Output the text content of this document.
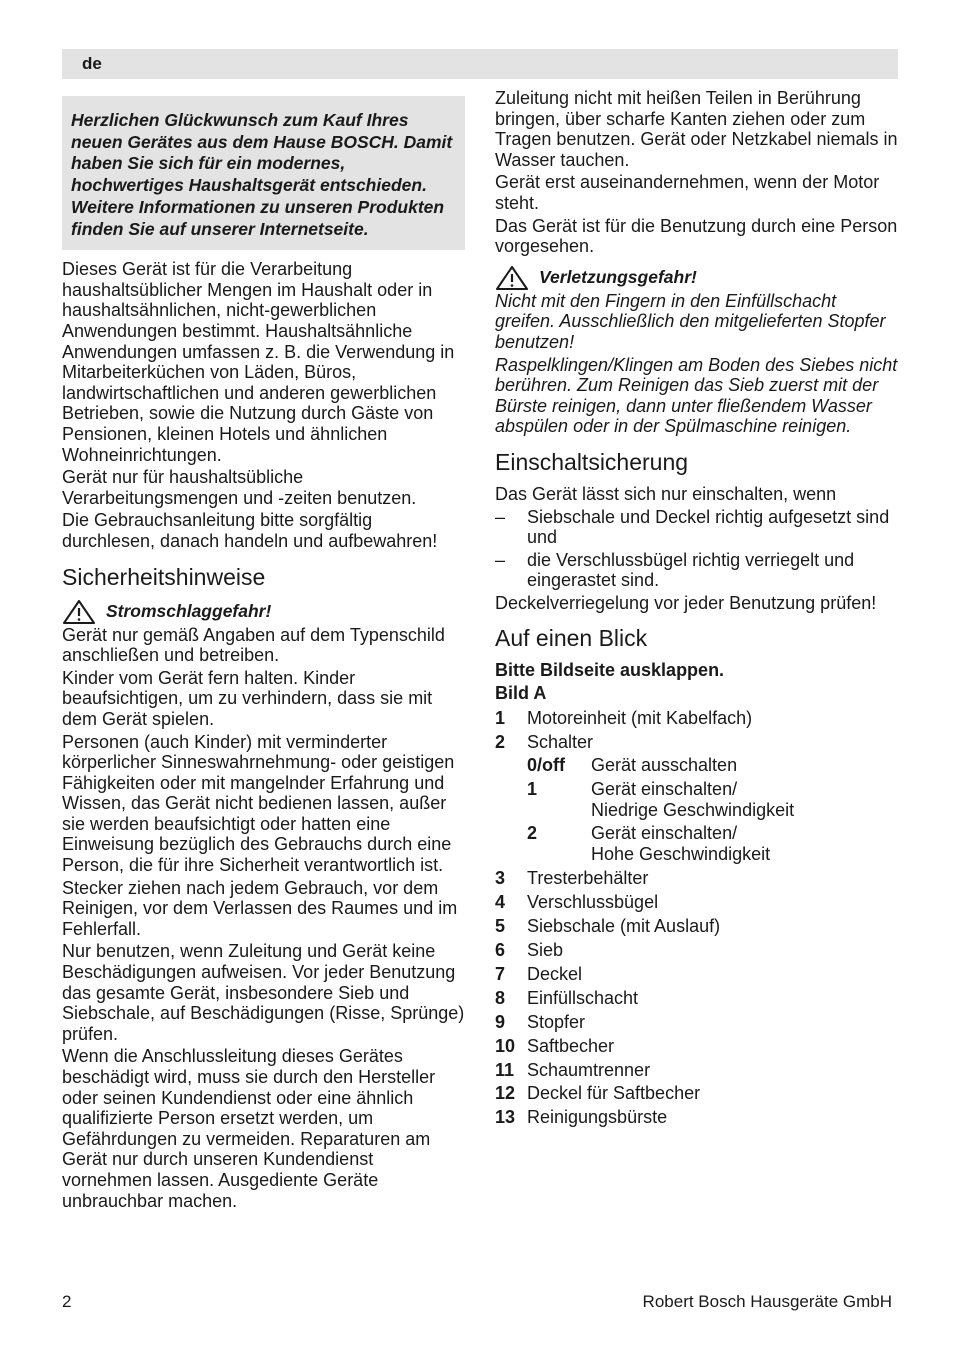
de
Herzlichen Glückwunsch zum Kauf Ihres neuen Gerätes aus dem Hause BOSCH. Damit haben Sie sich für ein modernes, hochwertiges Haushaltsgerät entschieden. Weitere Informationen zu unseren Produkten finden Sie auf unserer Internetseite.

Dieses Gerät ist für die Verarbeitung haushaltsüblicher Mengen im Haushalt oder in haushaltsähnlichen, nicht-gewerblichen Anwendungen bestimmt. Haushaltsähnliche Anwendungen umfassen z. B. die Verwendung in Mitarbeiterküchen von Läden, Büros, landwirtschaftlichen und anderen gewerblichen Betrieben, sowie die Nutzung durch Gäste von Pensionen, kleinen Hotels und ähnlichen Wohneinrichtungen.

Gerät nur für haushaltsübliche Verarbeitungsmengen und -zeiten benutzen.

Die Gebrauchsanleitung bitte sorgfältig durchlesen, danach handeln und aufbewahren!

Sicherheitshinweise
Stromschlaggefahr!

Gerät nur gemäß Angaben auf dem Typenschild anschließen und betreiben.

Kinder vom Gerät fern halten. Kinder beaufsichtigen, um zu verhindern, dass sie mit dem Gerät spielen.

Personen (auch Kinder) mit verminderter körperlicher Sinneswahrnehmung- oder geistigen Fähigkeiten oder mit mangelnder Erfahrung und Wissen, das Gerät nicht bedienen lassen, außer sie werden beaufsichtigt oder hatten eine Einweisung bezüglich des Gebrauchs durch eine Person, die für ihre Sicherheit verantwortlich ist.

Stecker ziehen nach jedem Gebrauch, vor dem Reinigen, vor dem Verlassen des Raumes und im Fehlerfall.

Nur benutzen, wenn Zuleitung und Gerät keine Beschädigungen aufweisen. Vor jeder Benutzung das gesamte Gerät, insbesondere Sieb und Siebschale, auf Beschädigungen (Risse, Sprünge) prüfen.

Wenn die Anschlussleitung dieses Gerätes beschädigt wird, muss sie durch den Hersteller oder seinen Kundendienst oder eine ähnlich qualifizierte Person ersetzt werden, um Gefährdungen zu vermeiden. Reparaturen am Gerät nur durch unseren Kundendienst vornehmen lassen. Ausgediente Geräte unbrauchbar machen.

Zuleitung nicht mit heißen Teilen in Berührung bringen, über scharfe Kanten ziehen oder zum Tragen benutzen. Gerät oder Netzkabel niemals in Wasser tauchen.

Gerät erst auseinandernehmen, wenn der Motor steht.

Das Gerät ist für die Benutzung durch eine Person vorgesehen.

Verletzungsgefahr!

Nicht mit den Fingern in den Einfüllschacht greifen. Ausschließlich den mitgelieferten Stopfer benutzen!

Raspelklingen/Klingen am Boden des Siebes nicht berühren. Zum Reinigen das Sieb zuerst mit der Bürste reinigen, dann unter fließendem Wasser abspülen oder in der Spülmaschine reinigen.

Einschaltsicherung

Das Gerät lässt sich nur einschalten, wenn

–	Siebschale und Deckel richtig aufgesetzt sind und
–	die Verschlussbügel richtig verriegelt und eingerastet sind.

Deckelverriegelung vor jeder Benutzung prüfen!

Auf einen Blick

Bitte Bildseite ausklappen.

Bild A

1	Motoreinheit (mit Kabelfach)
2	Schalter
0/off	Gerät ausschalten
1	Gerät einschalten/
Niedrige Geschwindigkeit
2	Gerät einschalten/
Hohe Geschwindigkeit
3	Tresterbehälter
4	Verschlussbügel
5	Siebschale (mit Auslauf)
6	Sieb
7	Deckel
8	Einfüllschacht
9	Stopfer
10 Saftbecher
11 Schaumtrenner
12 Deckel für Saftbecher
13 Reinigungsbürste
2	Robert Bosch Hausgeräte GmbH
